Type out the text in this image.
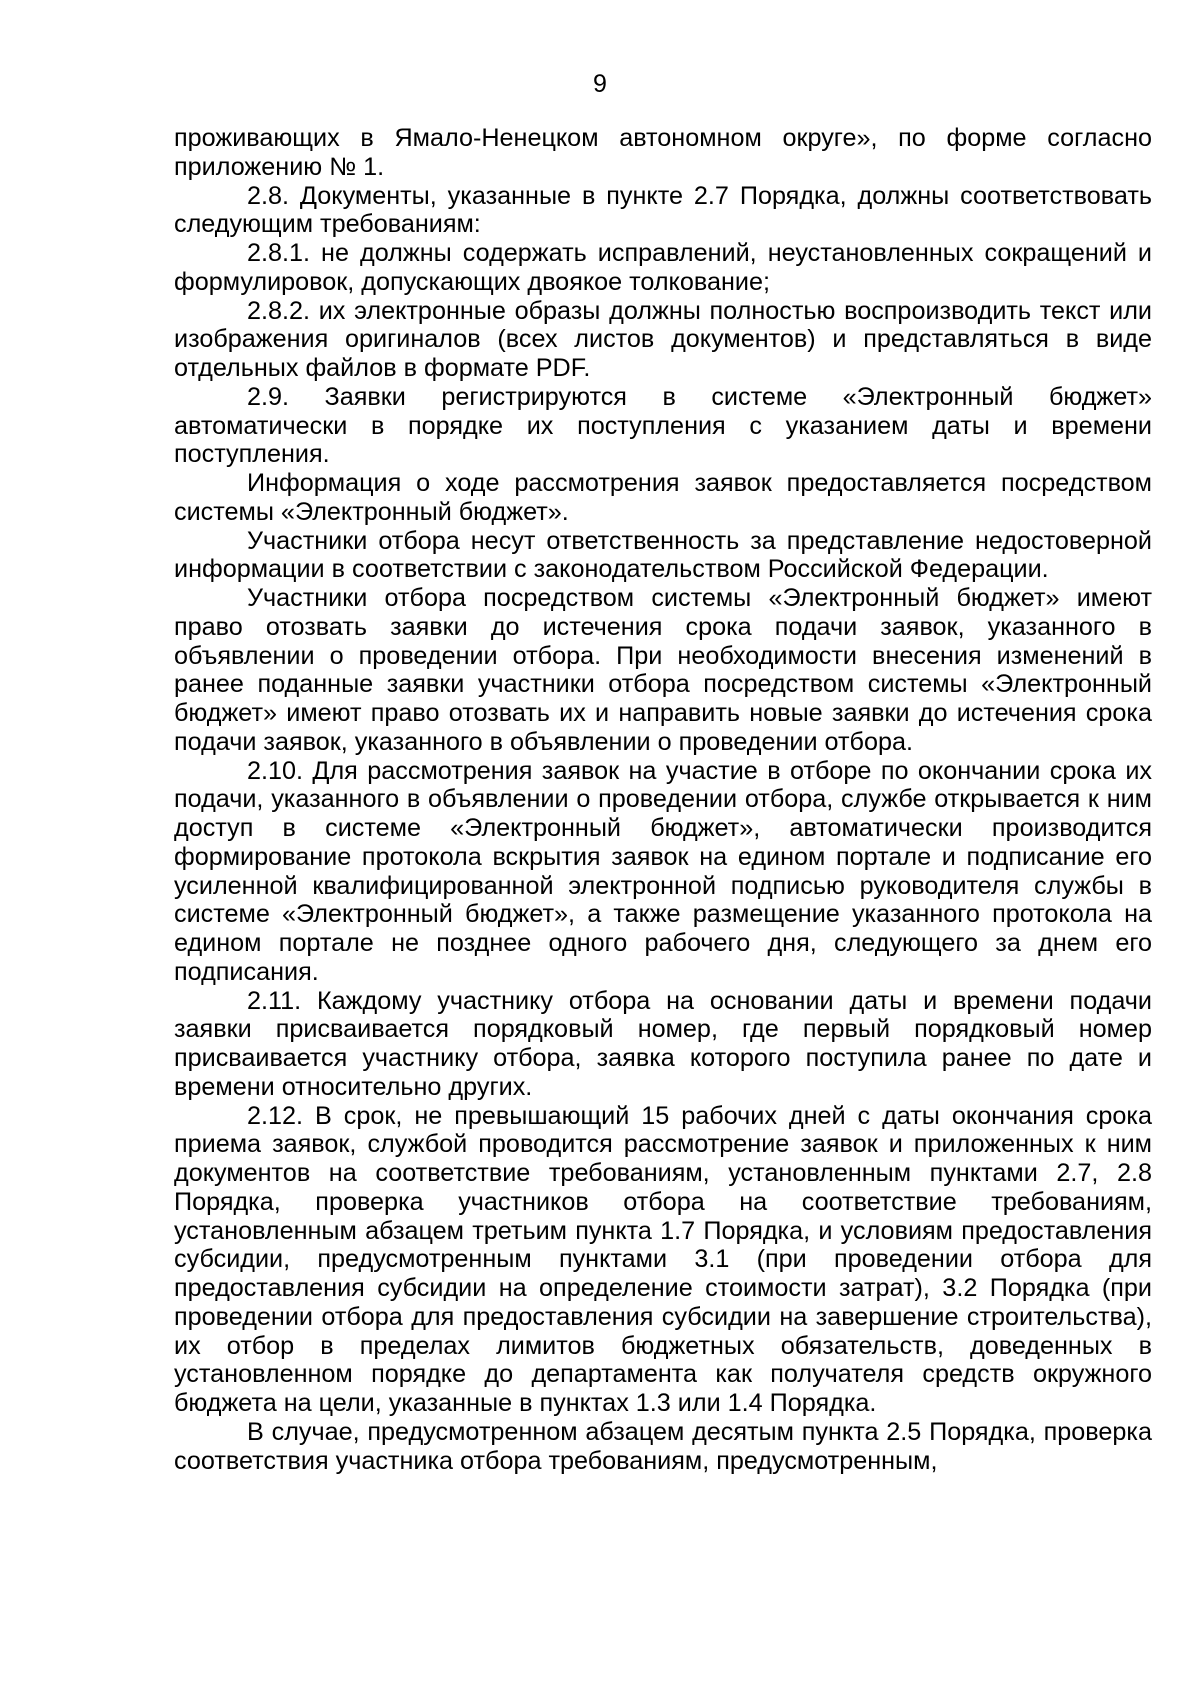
9

проживающих в Ямало-Ненецком автономном округе», по форме согласно приложению № 1.

2.8. Документы, указанные в пункте 2.7 Порядка, должны соответствовать следующим требованиям:

2.8.1. не должны содержать исправлений, неустановленных сокращений и формулировок, допускающих двоякое толкование;

2.8.2. их электронные образы должны полностью воспроизводить текст или изображения оригиналов (всех листов документов) и представляться в виде отдельных файлов в формате PDF.

2.9. Заявки регистрируются в системе «Электронный бюджет» автоматически в порядке их поступления с указанием даты и времени поступления.

Информация о ходе рассмотрения заявок предоставляется посредством системы «Электронный бюджет».

Участники отбора несут ответственность за представление недостоверной информации в соответствии с законодательством Российской Федерации.

Участники отбора посредством системы «Электронный бюджет» имеют право отозвать заявки до истечения срока подачи заявок, указанного в объявлении о проведении отбора. При необходимости внесения изменений в ранее поданные заявки участники отбора посредством системы «Электронный бюджет» имеют право отозвать их и направить новые заявки до истечения срока подачи заявок, указанного в объявлении о проведении отбора.

2.10. Для рассмотрения заявок на участие в отборе по окончании срока их подачи, указанного в объявлении о проведении отбора, службе открывается к ним доступ в системе «Электронный бюджет», автоматически производится формирование протокола вскрытия заявок на едином портале и подписание его усиленной квалифицированной электронной подписью руководителя службы в системе «Электронный бюджет», а также размещение указанного протокола на едином портале не позднее одного рабочего дня, следующего за днем его подписания.

2.11. Каждому участнику отбора на основании даты и времени подачи заявки присваивается порядковый номер, где первый порядковый номер присваивается участнику отбора, заявка которого поступила ранее по дате и времени относительно других.

2.12. В срок, не превышающий 15 рабочих дней с даты окончания срока приема заявок, службой проводится рассмотрение заявок и приложенных к ним документов на соответствие требованиям, установленным пунктами 2.7, 2.8 Порядка, проверка участников отбора на соответствие требованиям, установленным абзацем третьим пункта 1.7 Порядка, и условиям предоставления субсидии, предусмотренным пунктами 3.1 (при проведении отбора для предоставления субсидии на определение стоимости затрат), 3.2 Порядка (при проведении отбора для предоставления субсидии на завершение строительства), их отбор в пределах лимитов бюджетных обязательств, доведенных в установленном порядке до департамента как получателя средств окружного бюджета на цели, указанные в пунктах 1.3 или 1.4 Порядка.

В случае, предусмотренном абзацем десятым пункта 2.5 Порядка, проверка соответствия участника отбора требованиям, предусмотренным,
